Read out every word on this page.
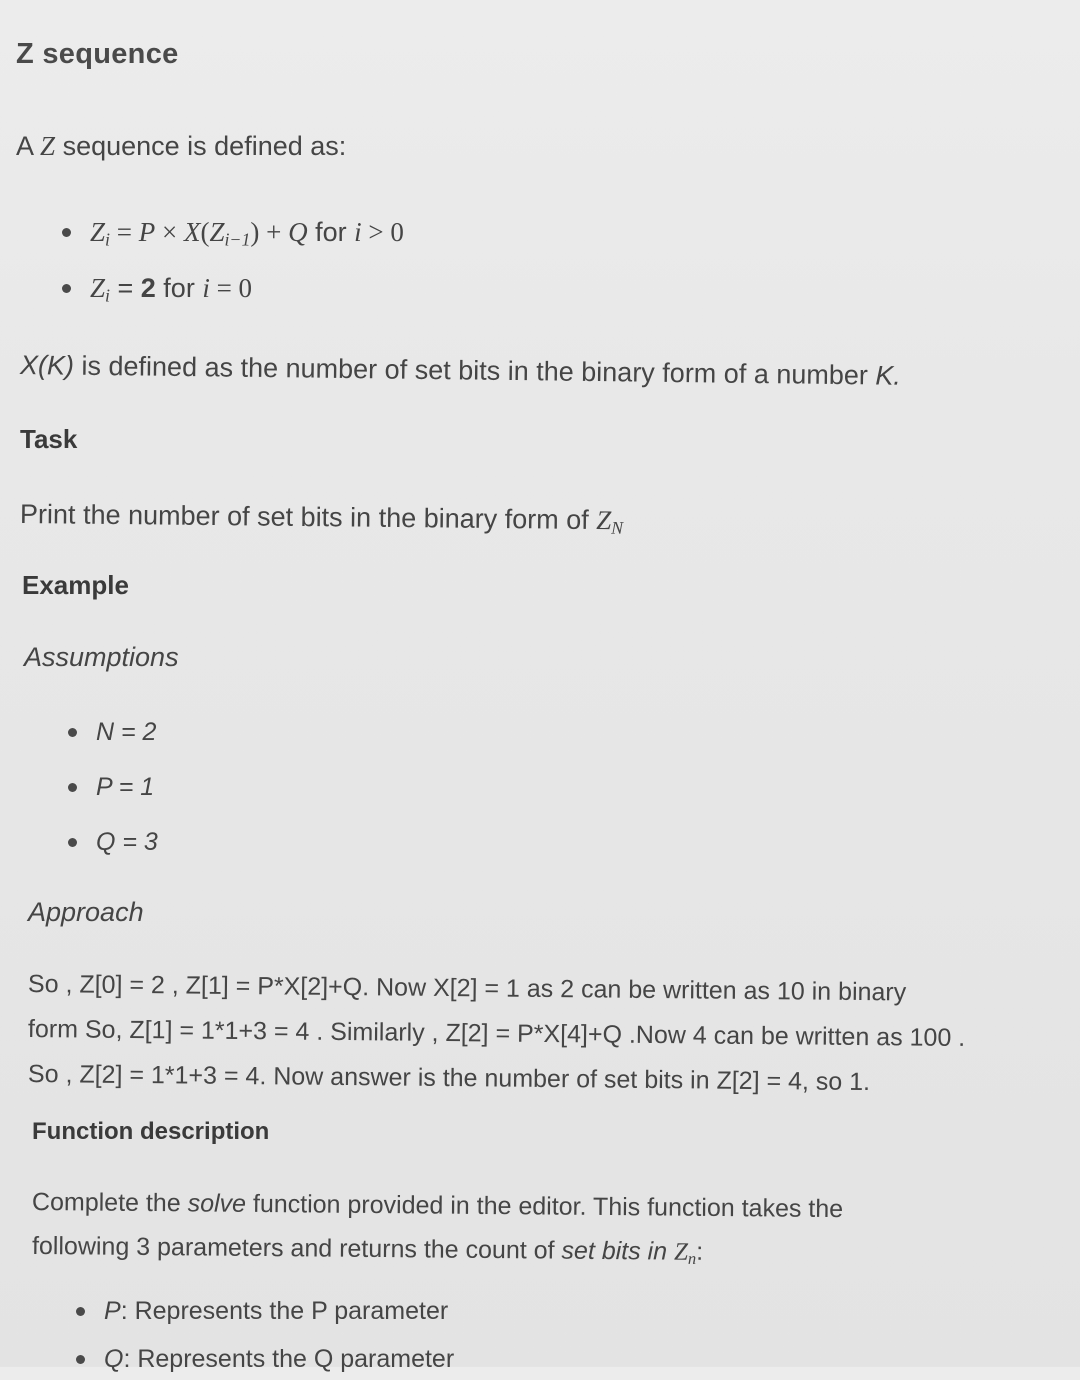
Z sequence
A Z sequence is defined as:
$Z_i = P \times X(Z_{i-1}) + Q$ for i > 0
$Z_i = 2$ for i = 0
X(K) is defined as the number of set bits in the binary form of a number K.
Task
Print the number of set bits in the binary form of $Z_N$
Example
Assumptions
N = 2
P = 1
Q = 3
Approach
So , Z[0] = 2 , Z[1] = P*X[2]+Q. Now X[2] = 1 as 2 can be written as 10 in binary
form So, Z[1] = 1*1+3 = 4 . Similarly , Z[2] = P*X[4]+Q .Now 4 can be written as 100 .
So , Z[2] = 1*1+3 = 4. Now answer is the number of set bits in Z[2] = 4, so 1.
Function description
Complete the solve function provided in the editor. This function takes the
following 3 parameters and returns the count of set bits in $Z_n$:
P: Represents the P parameter
Q: Represents the Q parameter
